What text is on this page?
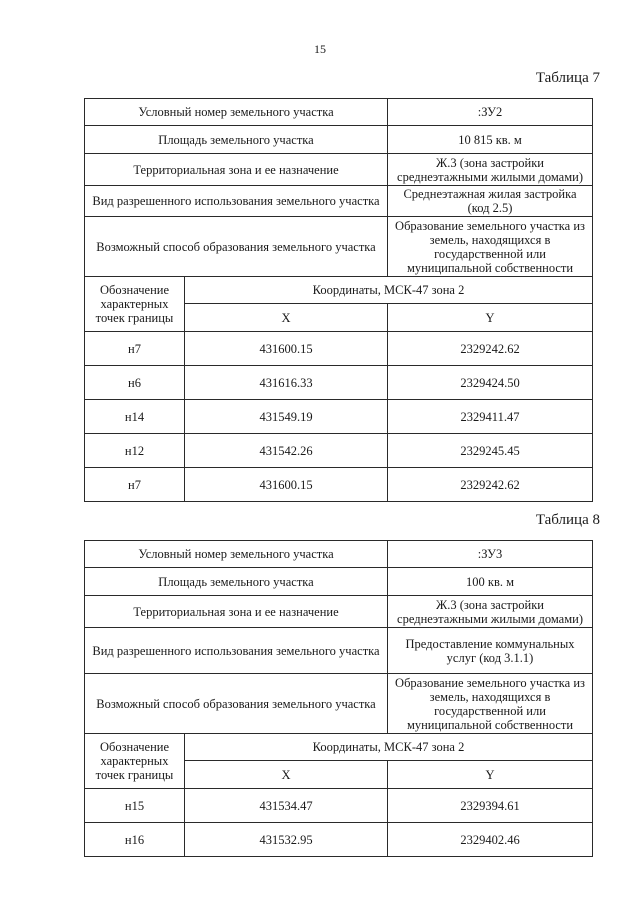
15
Таблица 7
Условный номер земельного участка		:ЗУ2
Площадь земельного участка		10 815 кв. м
Территориальная зона и ее назначение		Ж.3 (зона застройки среднеэтажными жилыми домами)
Вид разрешенного использования земельного участка		Среднеэтажная жилая застройка (код 2.5)
Возможный способ образования земельного участка		Образование земельного участка из земель, находящихся в государственной или муниципальной собственности
Обозначение характерных точек границы	Координаты, МСК-47 зона 2	
	X	Y
н7	431600.15	2329242.62
н6	431616.33	2329424.50
н14	431549.19	2329411.47
н12	431542.26	2329245.45
н7	431600.15	2329242.62
Таблица 8
Условный номер земельного участка		:ЗУ3
Площадь земельного участка		100 кв. м
Территориальная зона и ее назначение		Ж.3 (зона застройки среднеэтажными жилыми домами)
Вид разрешенного использования земельного участка		Предоставление коммунальных услуг (код 3.1.1)
Возможный способ образования земельного участка		Образование земельного участка из земель, находящихся в государственной или муниципальной собственности
Обозначение характерных точек границы	Координаты, МСК-47 зона 2	
	X	Y
н15	431534.47	2329394.61
н16	431532.95	2329402.46
